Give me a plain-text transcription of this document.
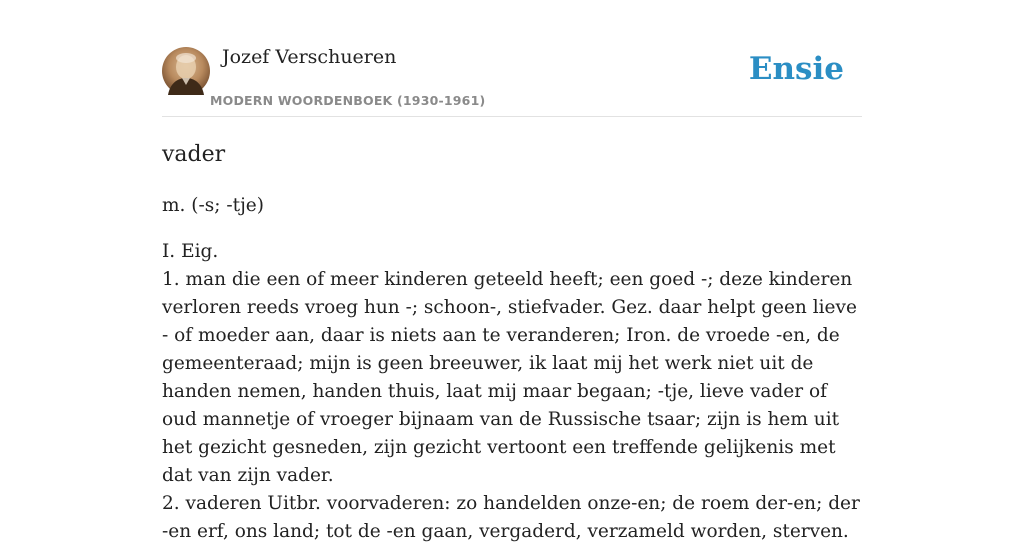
Jozef Verschueren
MODERN WOORDENBOEK (1930-1961)
Ensie
vader

m. (-s; -tje)

I. Eig.
1. man die een of meer kinderen geteeld heeft; een goed -; deze kinderen verloren reeds vroeg hun -; schoon-, stiefvader. Gez. daar helpt geen lieve - of moeder aan, daar is niets aan te veranderen; Iron. de vroede -en, de gemeenteraad; mijn is geen breeuwer, ik laat mij het werk niet uit de handen nemen, handen thuis, laat mij maar begaan; -tje, lieve vader of oud mannetje of vroeger bijnaam van de Russische tsaar; zijn is hem uit het gezicht gesneden, zijn gezicht vertoont een treffende gelijkenis met dat van zijn vader.
2. vaderen Uitbr. voorvaderen: zo handelden onze-en; de roem der-en; der -en erf, ons land; tot de -en gaan, vergaderd, verzameld worden, sterven.
